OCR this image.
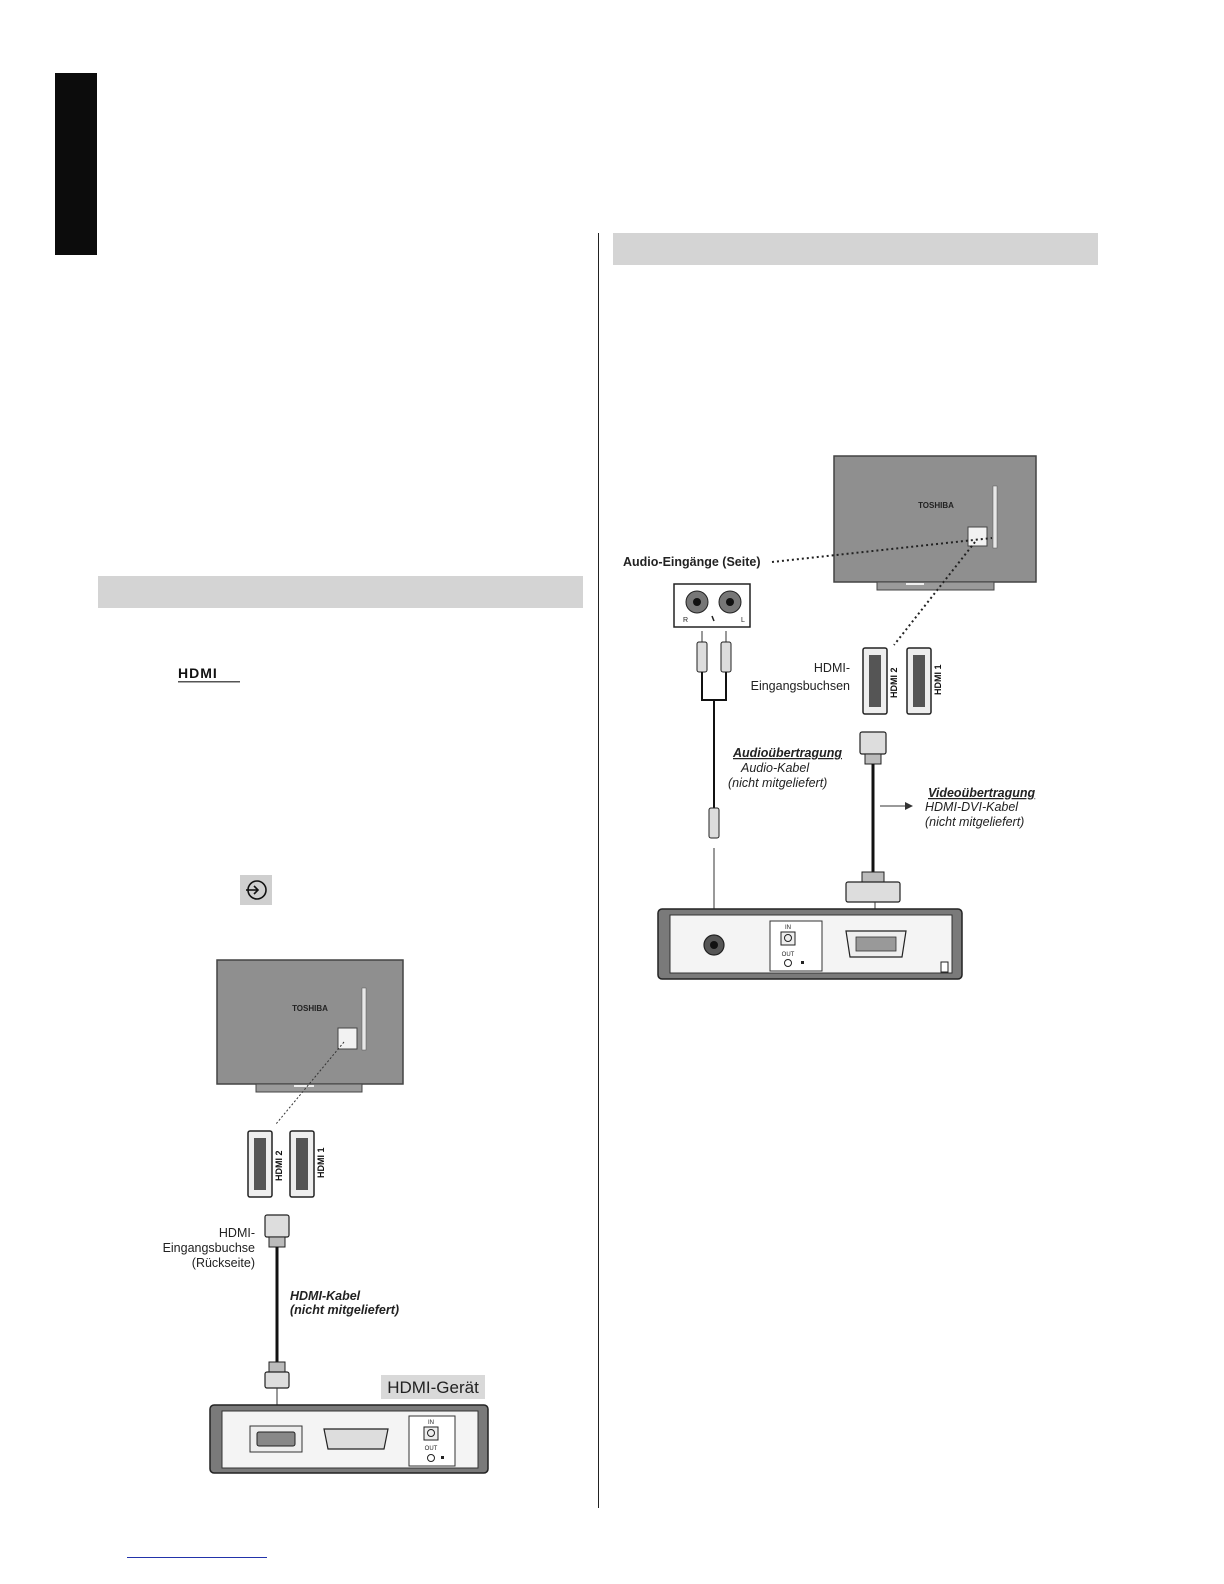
HDMI
TOSHIBA
HDMI 2	HDMI 1
HDMI-
Eingangsbuchse
(Rückseite)
HDMI-Kabel
(nicht mitgeliefert)
HDMI-Gerät
IN
OUT
TOSHIBA
Audio-Eingänge (Seite)
R	L
HDMI 2	HDMI 1
HDMI-
Eingangsbuchsen
Audioübertragung
Audio-Kabel
(nicht mitgeliefert)
Videoübertragung
HDMI-DVI-Kabel
(nicht mitgeliefert)
IN
OUT
